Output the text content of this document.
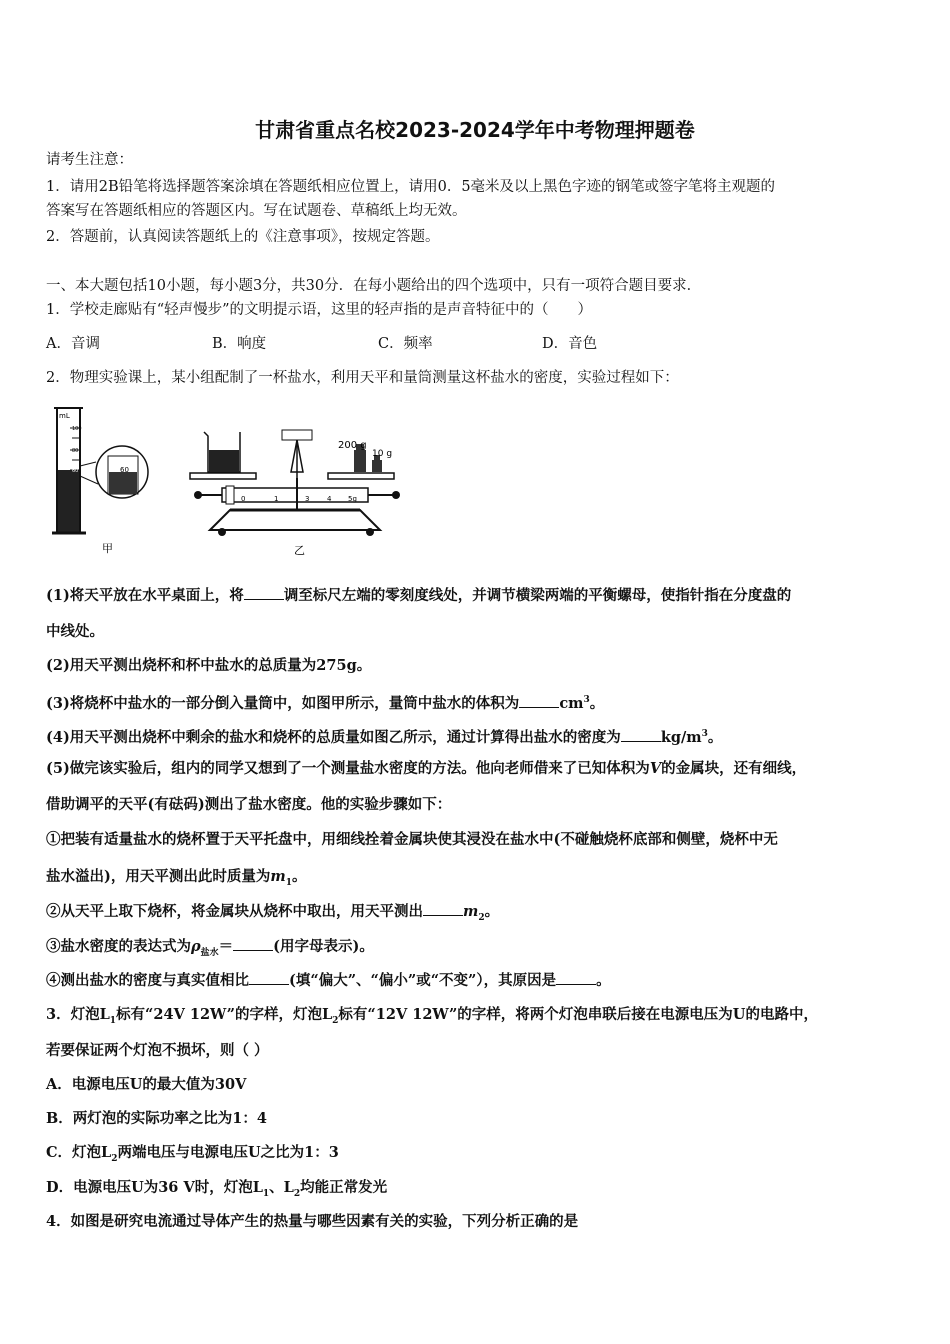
甘肃省重点名校2023-2024学年中考物理押题卷
请考生注意：
1．请用2B铅笔将选择题答案涂填在答题纸相应位置上，请用0．5毫米及以上黑色字迹的钢笔或签字笔将主观题的
答案写在答题纸相应的答题区内。写在试题卷、草稿纸上均无效。
2．答题前，认真阅读答题纸上的《注意事项》，按规定答题。
一、本大题包括10小题，每小题3分，共30分．在每小题给出的四个选项中，只有一项符合题目要求．
1．学校走廊贴有“轻声慢步”的文明提示语，这里的轻声指的是声音特征中的（　　）
A．音调	B．响度	C．频率	D．音色
2．物理实验课上，某小组配制了一杯盐水，利用天平和量筒测量这杯盐水的密度，实验过程如下：
mL
100
80
60	60
甲
200 g
10 g
0	1	3	4 5g
乙
(1)将天平放在水平桌面上，将	调至标尺左端的零刻度线处，并调节横梁两端的平衡螺母，使指针指在分度盘的
中线处。
(2)用天平测出烧杯和杯中盐水的总质量为275g。
(3)将烧杯中盐水的一部分倒入量筒中，如图甲所示，量筒中盐水的体积为	$cm^3$。
(4)用天平测出烧杯中剩余的盐水和烧杯的总质量如图乙所示，通过计算得出盐水的密度为	$kg/m^3$。
(5)做完该实验后，组内的同学又想到了一个测量盐水密度的方法。他向老师借来了已知体积为V的金属块，还有细线，
借助调平的天平(有砝码)测出了盐水密度。他的实验步骤如下：
①把装有适量盐水的烧杯置于天平托盘中，用细线拴着金属块使其浸没在盐水中(不碰触烧杯底部和侧壁，烧杯中无
盐水溢出)，用天平测出此时质量为$m_1$。
②从天平上取下烧杯，将金属块从烧杯中取出，用天平测出	$m_2$。
③盐水密度的表达式为$\rho_{盐水}=$	(用字母表示)。
④测出盐水的密度与真实值相比	(填“偏大”、“偏小”或“不变”），其原因是	。
3．灯泡$L_1$标有“24V 12W”的字样，灯泡$L_2$标有“12V 12W”的字样，将两个灯泡串联后接在电源电压为U的电路中，
若要保证两个灯泡不损坏，则（ ）
A．电源电压U的最大值为30V
B．两灯泡的实际功率之比为1：4
C．灯泡$L_2$两端电压与电源电压U之比为1：3
D．电源电压U为36 V时，灯泡$L_1$、$L_2$均能正常发光
4．如图是研究电流通过导体产生的热量与哪些因素有关的实验，下列分析正确的是
